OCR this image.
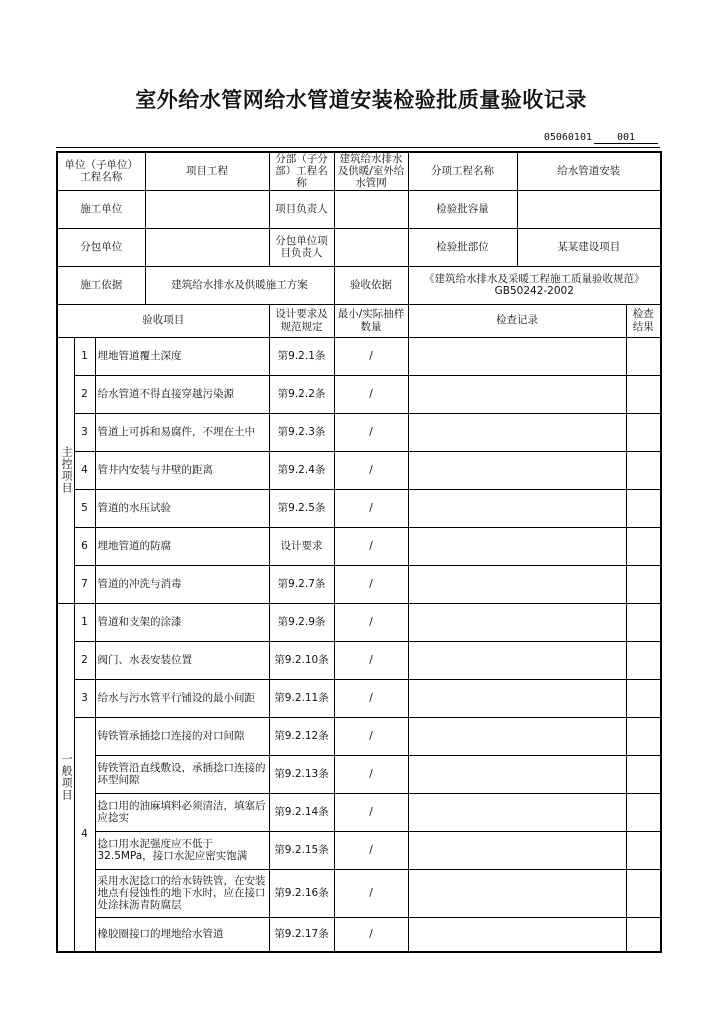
室外给水管网给水管道安装检验批质量验收记录
05060101 001
单位（子单位）工程名称			项目工程	分部（子分部）工程名称	建筑给水排水及供暖/室外给水管网	分项工程名称	给水管道安装	
施工单位				项目负责人		检验批容量		
分包单位				分包单位项目负责人		检验批部位	某某建设项目	
施工依据			建筑给水排水及供暖施工方案		验收依据	《建筑给水排水及采暖工程施工质量验收规范》GB50242-2002		
验收项目				设计要求及规范规定	最小/实际抽样数量	检查记录		检查结果
主控项目	1	埋地管道覆土深度		第9.2.1条	/			
	2	给水管道不得直接穿越污染源		第9.2.2条	/			
	3	管道上可拆和易腐件，不埋在土中		第9.2.3条	/			
	4	管井内安装与井壁的距离		第9.2.4条	/			
	5	管道的水压试验		第9.2.5条	/			
	6	埋地管道的防腐		设计要求	/			
	7	管道的冲洗与消毒		第9.2.7条	/			
一般项目	1	管道和支架的涂漆		第9.2.9条	/			
	2	阀门、水表安装位置		第9.2.10条	/			
	3	给水与污水管平行铺设的最小间距		第9.2.11条	/			
	4	铸铁管承插捻口连接的对口间隙		第9.2.12条	/			
		铸铁管沿直线敷设，承插捻口连接的环型间隙		第9.2.13条	/			
		捻口用的油麻填料必须清洁，填塞后应捻实		第9.2.14条	/			
		捻口用水泥强度应不低于32.5MPa，接口水泥应密实饱满		第9.2.15条	/			
		采用水泥捻口的给水铸铁管，在安装地点有侵蚀性的地下水时，应在接口处涂抹沥青防腐层		第9.2.16条	/			
		橡胶圈接口的埋地给水管道		第9.2.17条	/			
